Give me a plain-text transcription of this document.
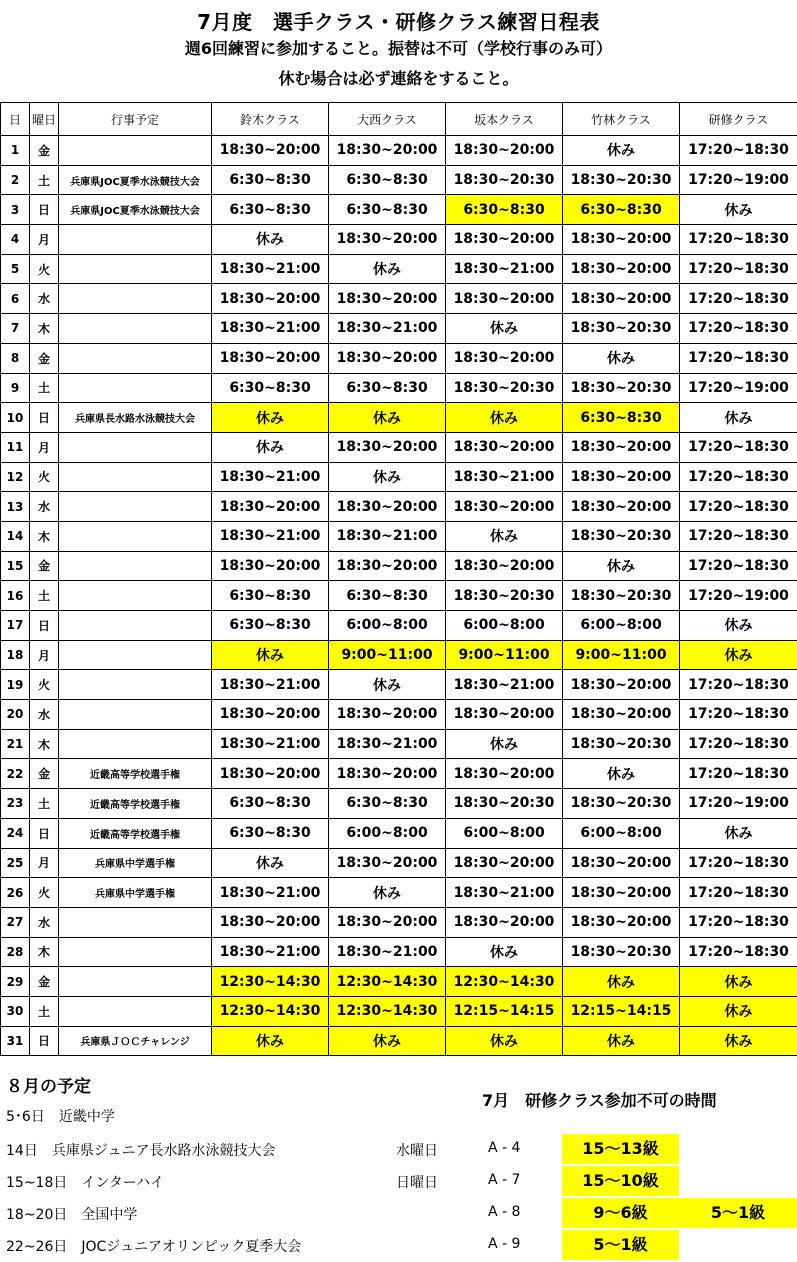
7月度　選手クラス・研修クラス練習日程表
週6回練習に参加すること。振替は不可（学校行事のみ可）
休む場合は必ず連絡をすること。
日	曜日	行事予定	鈴木クラス	大西クラス	坂本クラス	竹林クラス	研修クラス
1	金		18:30~20:00	18:30~20:00	18:30~20:00	休み	17:20~18:30
2	土	兵庫県JOC夏季水泳競技大会	6:30~8:30	6:30~8:30	18:30~20:30	18:30~20:30	17:20~19:00
3	日	兵庫県JOC夏季水泳競技大会	6:30~8:30	6:30~8:30	6:30~8:30	6:30~8:30	休み
4	月		休み	18:30~20:00	18:30~20:00	18:30~20:00	17:20~18:30
5	火		18:30~21:00	休み	18:30~21:00	18:30~20:00	17:20~18:30
6	水		18:30~20:00	18:30~20:00	18:30~20:00	18:30~20:00	17:20~18:30
7	木		18:30~21:00	18:30~21:00	休み	18:30~20:30	17:20~18:30
8	金		18:30~20:00	18:30~20:00	18:30~20:00	休み	17:20~18:30
9	土		6:30~8:30	6:30~8:30	18:30~20:30	18:30~20:30	17:20~19:00
10	日	兵庫県長水路水泳競技大会	休み	休み	休み	6:30~8:30	休み
11	月		休み	18:30~20:00	18:30~20:00	18:30~20:00	17:20~18:30
12	火		18:30~21:00	休み	18:30~21:00	18:30~20:00	17:20~18:30
13	水		18:30~20:00	18:30~20:00	18:30~20:00	18:30~20:00	17:20~18:30
14	木		18:30~21:00	18:30~21:00	休み	18:30~20:30	17:20~18:30
15	金		18:30~20:00	18:30~20:00	18:30~20:00	休み	17:20~18:30
16	土		6:30~8:30	6:30~8:30	18:30~20:30	18:30~20:30	17:20~19:00
17	日		6:30~8:30	6:00~8:00	6:00~8:00	6:00~8:00	休み
18	月		休み	9:00~11:00	9:00~11:00	9:00~11:00	休み
19	火		18:30~21:00	休み	18:30~21:00	18:30~20:00	17:20~18:30
20	水		18:30~20:00	18:30~20:00	18:30~20:00	18:30~20:00	17:20~18:30
21	木		18:30~21:00	18:30~21:00	休み	18:30~20:30	17:20~18:30
22	金	近畿高等学校選手権	18:30~20:00	18:30~20:00	18:30~20:00	休み	17:20~18:30
23	土	近畿高等学校選手権	6:30~8:30	6:30~8:30	18:30~20:30	18:30~20:30	17:20~19:00
24	日	近畿高等学校選手権	6:30~8:30	6:00~8:00	6:00~8:00	6:00~8:00	休み
25	月	兵庫県中学選手権	休み	18:30~20:00	18:30~20:00	18:30~20:00	17:20~18:30
26	火	兵庫県中学選手権	18:30~21:00	休み	18:30~21:00	18:30~20:00	17:20~18:30
27	水		18:30~20:00	18:30~20:00	18:30~20:00	18:30~20:00	17:20~18:30
28	木		18:30~21:00	18:30~21:00	休み	18:30~20:30	17:20~18:30
29	金		12:30~14:30	12:30~14:30	12:30~14:30	休み	休み
30	土		12:30~14:30	12:30~14:30	12:15~14:15	12:15~14:15	休み
31	日	兵庫県ＪＯＣチャレンジ	休み	休み	休み	休み	休み
８月の予定
5･6日 近畿中学
14日 兵庫県ジュニア長水路水泳競技大会
15~18日 インターハイ
18~20日 全国中学
22~26日 JOCジュニアオリンピック夏季大会
7月　研修クラス参加不可の時間
水曜日	A - 4	15～13級
日曜日	A - 7	15～10級
A - 8	9～6級	5～1級
A - 9	5～1級
